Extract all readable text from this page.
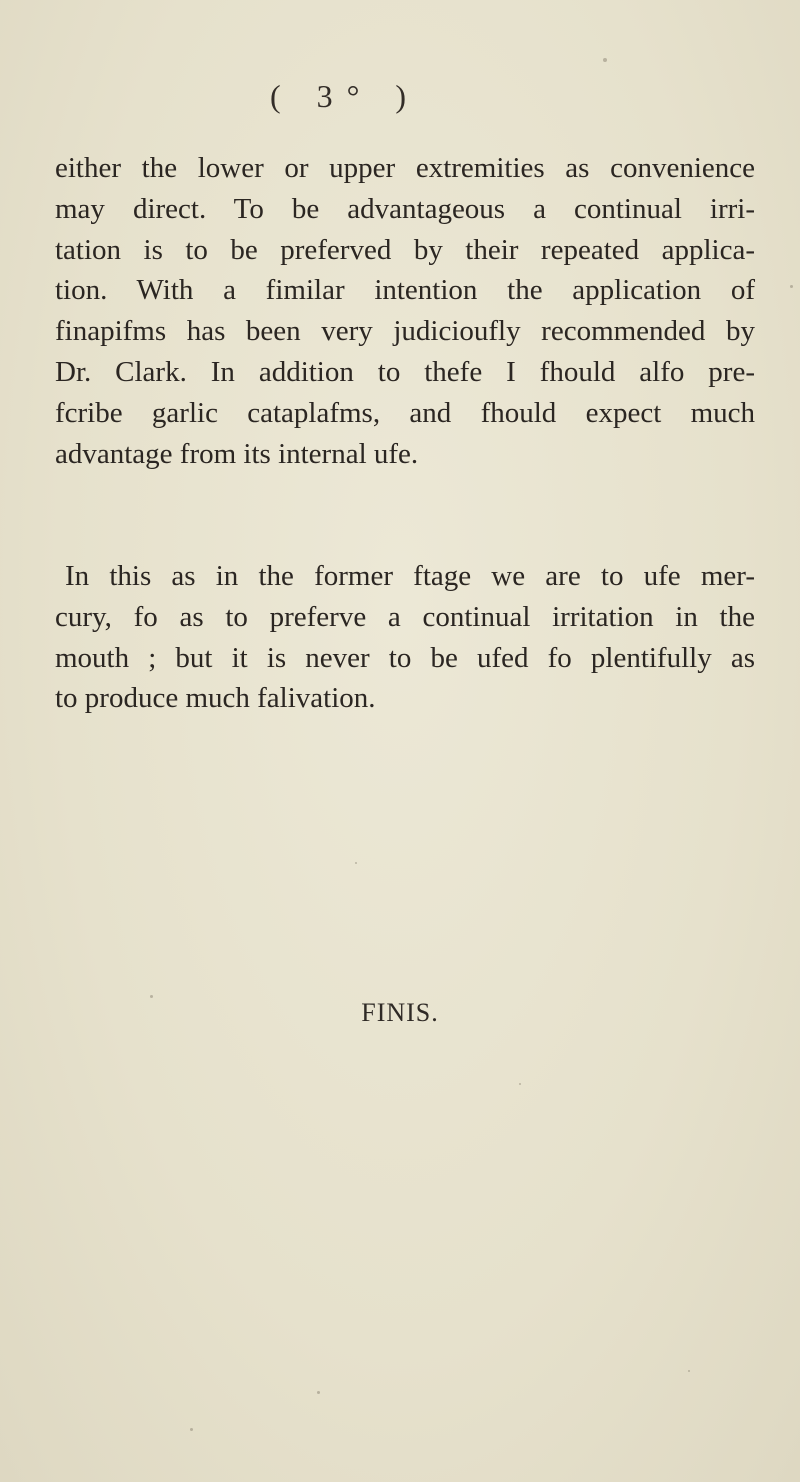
( 3° )
either the lower or upper extremities as convenience
may direct. To be advantageous a continual irri-
tation is to be preferved by their repeated applica-
tion. With a fimilar intention the application of
finapifms has been very judicioufly recommended by
Dr. Clark. In addition to thefe I fhould alfo pre-
fcribe garlic cataplafms, and fhould expect much
advantage from its internal ufe.
In this as in the former ftage we are to ufe mer-
cury, fo as to preferve a continual irritation in the
mouth ; but it is never to be ufed fo plentifully as
to produce much falivation.
FINIS.
